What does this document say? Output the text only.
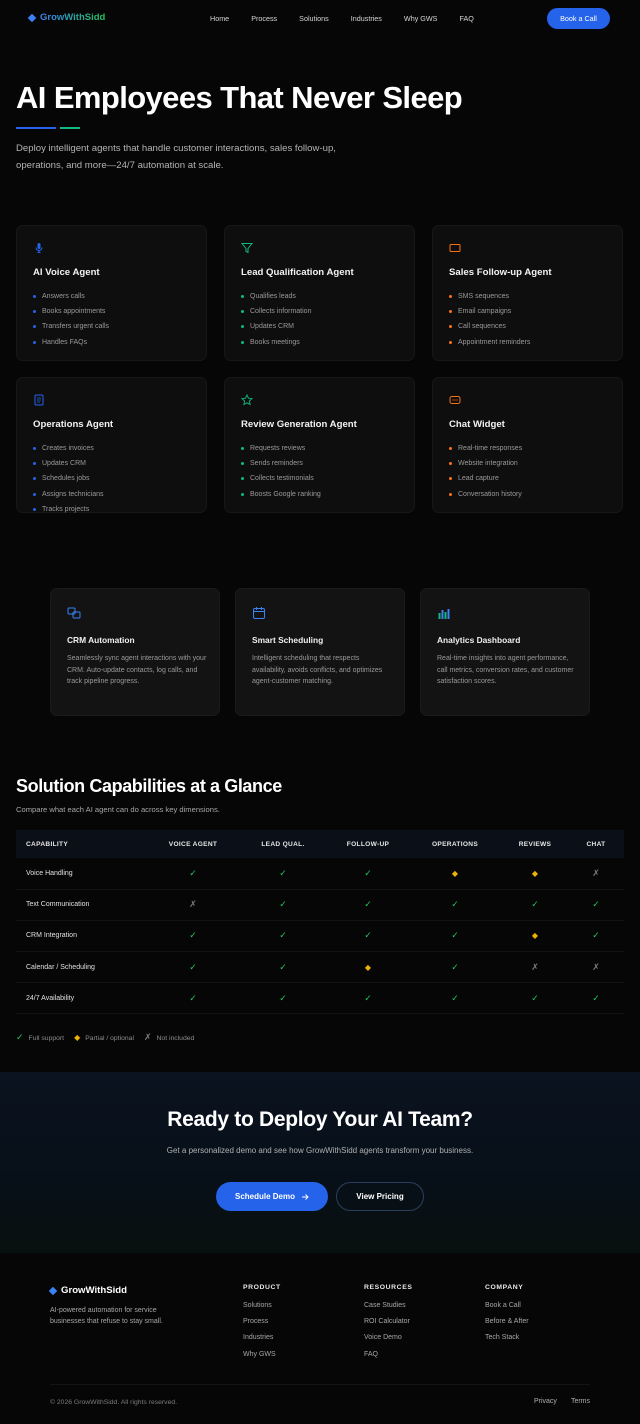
GrowWithSidd	Home	Process	Solutions	Industries	Why GWS	FAQ	Book a Call
AI Employees That Never Sleep

Deploy intelligent agents that handle customer interactions, sales follow-up, operations, and more—24/7 automation at scale.

AI Voice Agent
Answers calls
Books appointments
Transfers urgent calls
Handles FAQs
Lead Qualification Agent
Qualifies leads
Collects information
Updates CRM
Books meetings
Sales Follow-up Agent
SMS sequences
Email campaigns
Call sequences
Appointment reminders
Operations Agent
Creates invoices
Updates CRM
Schedules jobs
Assigns technicians
Tracks projects
Review Generation Agent
Requests reviews
Sends reminders
Collects testimonials
Boosts Google ranking
Chat Widget
Real-time responses
Website integration
Lead capture
Conversation history
CRM Automation
Seamlessly sync agent interactions with your CRM. Auto-update contacts, log calls, and track pipeline progress.
Smart Scheduling
Intelligent scheduling that respects availability, avoids conflicts, and optimizes agent-customer matching.
Analytics Dashboard
Real-time insights into agent performance, call metrics, conversion rates, and customer satisfaction scores.
Solution Capabilities at a Glance

Compare what each AI agent can do across key dimensions.

CAPABILITY	VOICE AGENT	LEAD QUAL.	FOLLOW-UP	OPERATIONS	REVIEWS	CHAT
Voice Handling	✓	✓	✓	◆	◆	✗
Text Communication	✗	✓	✓	✓	✓	✓
CRM Integration	✓	✓	✓	✓	◆	✓
Calendar / Scheduling	✓	✓	◆	✓	✗	✗
24/7 Availability	✓	✓	✓	✓	✓	✓
✓ Full support ◆ Partial / optional ✗ Not included
Ready to Deploy Your AI Team?

Get a personalized demo and see how GrowWithSidd agents transform your business.

Schedule Demo	View Pricing
GrowWithSidd

AI-powered automation for service businesses that refuse to stay small.

PRODUCT
Solutions
Process
Industries
Why GWS
RESOURCES
Case Studies
ROI Calculator
Voice Demo
FAQ
COMPANY
Book a Call
Before & After
Tech Stack
© 2026 GrowWithSidd. All rights reserved.	Privacy Terms
